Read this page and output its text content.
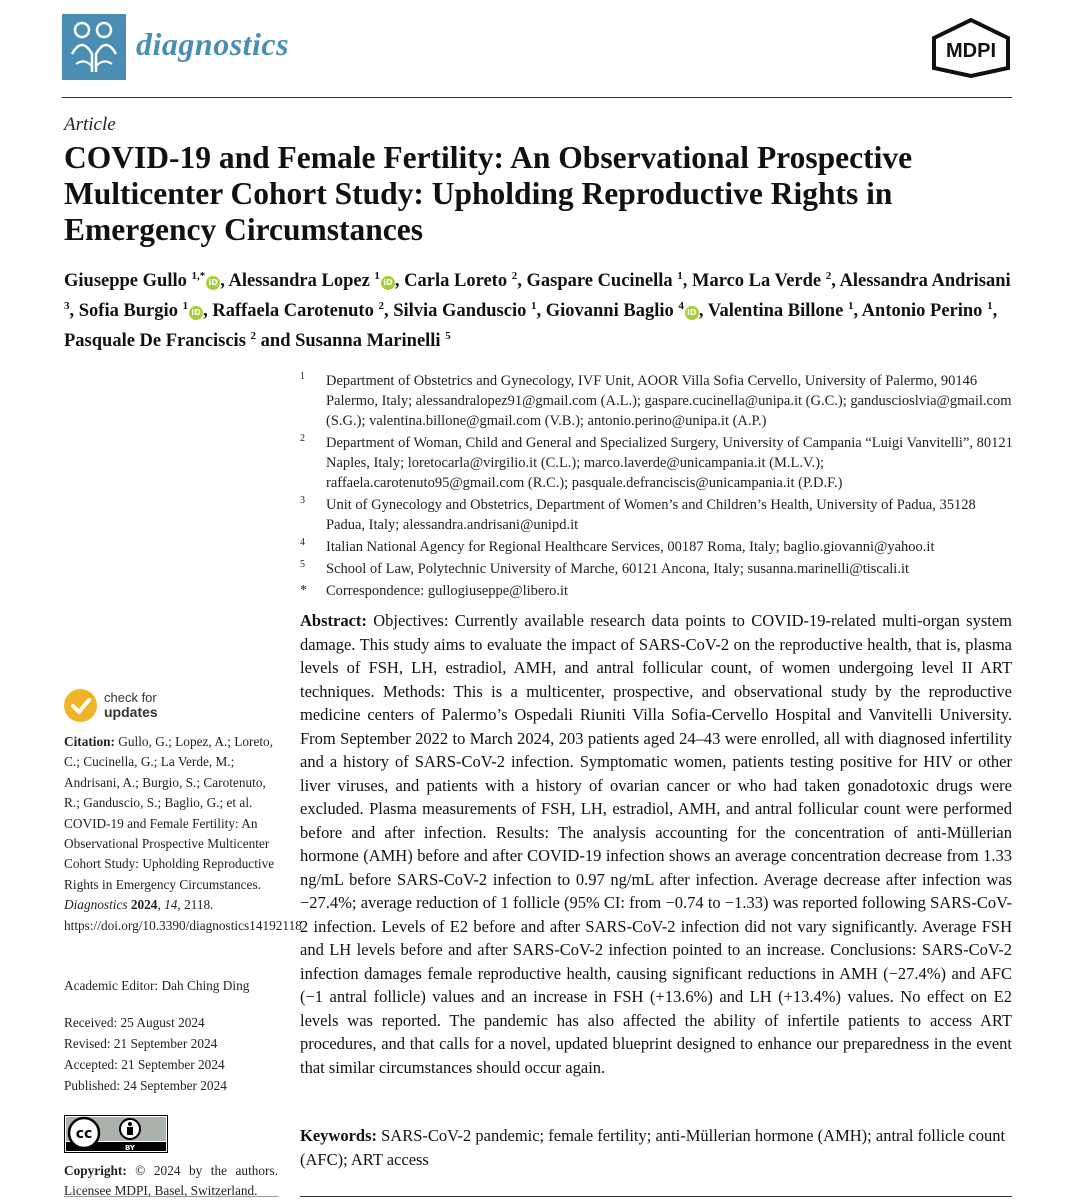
diagnostics	MDPI
Article
COVID-19 and Female Fertility: An Observational Prospective Multicenter Cohort Study: Upholding Reproductive Rights in Emergency Circumstances
Giuseppe Gullo $^{1,*}$iD , Alessandra Lopez $^1$iD , Carla Loreto $^2$, Gaspare Cucinella $^1$, Marco La Verde $^2$, Alessandra Andrisani $^3$, Sofia Burgio $^1$iD , Raffaela Carotenuto $^2$, Silvia Ganduscio $^1$, Giovanni Baglio $^4$iD , Valentina Billone $^1$, Antonio Perino $^1$, Pasquale De Franciscis $^2$ and Susanna Marinelli $^5$
1 Department of Obstetrics and Gynecology, IVF Unit, AOOR Villa Sofia Cervello, University of Palermo, 90146 Palermo, Italy; alessandralopez91@gmail.com (A.L.); gaspare.cucinella@unipa.it (G.C.); ganduscioslvia@gmail.com (S.G.); valentina.billone@gmail.com (V.B.); antonio.perino@unipa.it (A.P.)
2 Department of Woman, Child and General and Specialized Surgery, University of Campania “Luigi Vanvitelli”, 80121 Naples, Italy; loretocarla@virgilio.it (C.L.); marco.laverde@unicampania.it (M.L.V.); raffaela.carotenuto95@gmail.com (R.C.); pasquale.defranciscis@unicampania.it (P.D.F.)
3 Unit of Gynecology and Obstetrics, Department of Women’s and Children’s Health, University of Padua, 35128 Padua, Italy; alessandra.andrisani@unipd.it
4 Italian National Agency for Regional Healthcare Services, 00187 Roma, Italy; baglio.giovanni@yahoo.it
5 School of Law, Polytechnic University of Marche, 60121 Ancona, Italy; susanna.marinelli@tiscali.it
* Correspondence: gullogiuseppe@libero.it
Abstract: Objectives: Currently available research data points to COVID-19-related multi-organ system damage. This study aims to evaluate the impact of SARS-CoV-2 on the reproductive health, that is, plasma levels of FSH, LH, estradiol, AMH, and antral follicular count, of women undergoing level II ART techniques. Methods: This is a multicenter, prospective, and observational study by the reproductive medicine centers of Palermo’s Ospedali Riuniti Villa Sofia-Cervello Hospital and Vanvitelli University. From September 2022 to March 2024, 203 patients aged 24–43 were enrolled, all with diagnosed infertility and a history of SARS-CoV-2 infection. Symptomatic women, patients testing positive for HIV or other liver viruses, and patients with a history of ovarian cancer or who had taken gonadotoxic drugs were excluded. Plasma measurements of FSH, LH, estradiol, AMH, and antral follicular count were performed before and after infection. Results: The analysis accounting for the concentration of anti-Müllerian hormone (AMH) before and after COVID-19 infection shows an average concentration decrease from 1.33 ng/mL before SARS-CoV-2 infection to 0.97 ng/mL after infection. Average decrease after infection was −27.4%; average reduction of 1 follicle (95% CI: from −0.74 to −1.33) was reported following SARS-CoV-2 infection. Levels of E2 before and after SARS-CoV-2 infection did not vary significantly. Average FSH and LH levels before and after SARS-CoV-2 infection pointed to an increase. Conclusions: SARS-CoV-2 infection damages female reproductive health, causing significant reductions in AMH (−27.4%) and AFC (−1 antral follicle) values and an increase in FSH (+13.6%) and LH (+13.4%) values. No effect on E2 levels was reported. The pandemic has also affected the ability of infertile patients to access ART procedures, and that calls for a novel, updated blueprint designed to enhance our preparedness in the event that similar circumstances should occur again.
Keywords: SARS-CoV-2 pandemic; female fertility; anti-Müllerian hormone (AMH); antral follicle count (AFC); ART access
check for
updates
Citation: Gullo, G.; Lopez, A.; Loreto, C.; Cucinella, G.; La Verde, M.; Andrisani, A.; Burgio, S.; Carotenuto, R.; Ganduscio, S.; Baglio, G.; et al. COVID-19 and Female Fertility: An Observational Prospective Multicenter Cohort Study: Upholding Reproductive Rights in Emergency Circumstances. Diagnostics 2024, 14, 2118. https://doi.org/10.3390/diagnostics14192118
Academic Editor: Dah Ching Ding
Received: 25 August 2024
Revised: 21 September 2024
Accepted: 21 September 2024
Published: 24 September 2024
cc
BY
Copyright: © 2024 by the authors. Licensee MDPI, Basel, Switzerland.
